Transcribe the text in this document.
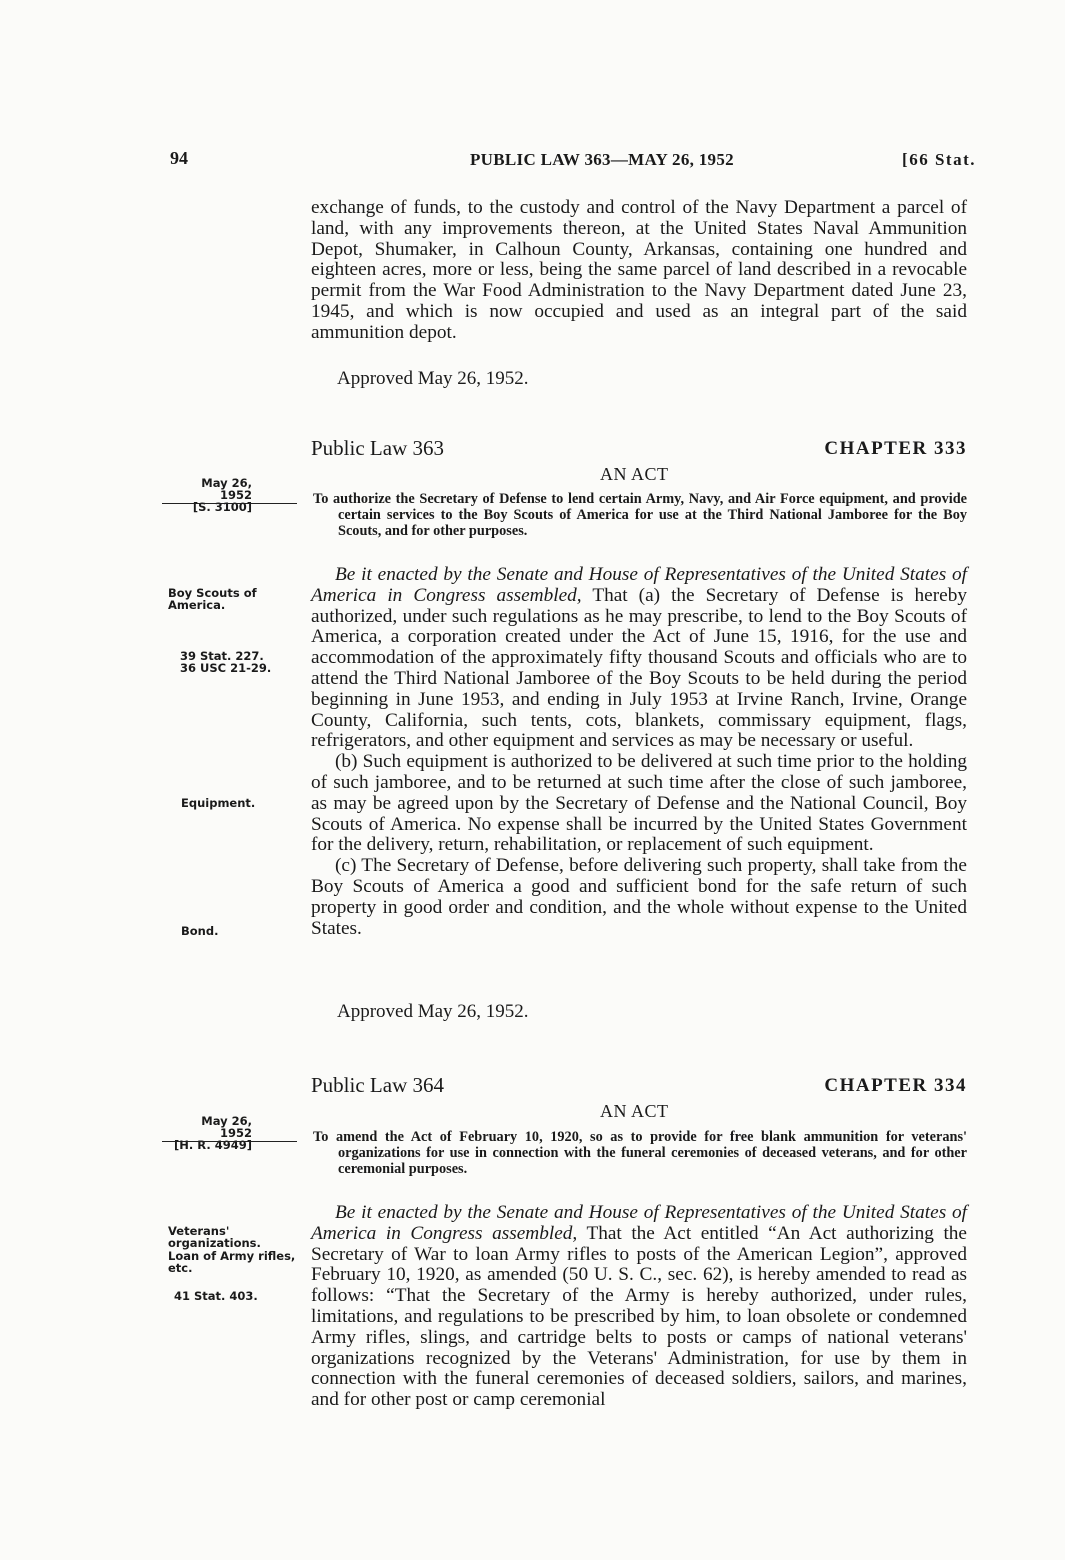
94	PUBLIC LAW 363—MAY 26, 1952	[66 Stat.

exchange of funds, to the custody and control of the Navy Department a parcel of land, with any improvements thereon, at the United States Naval Ammunition Depot, Shumaker, in Calhoun County, Arkansas, containing one hundred and eighteen acres, more or less, being the same parcel of land described in a revocable permit from the War Food Administration to the Navy Department dated June 23, 1945, and which is now occupied and used as an integral part of the said ammunition depot.

Approved May 26, 1952.
Public Law 363	CHAPTER 333
AN ACT
May 26, 1952
[S. 3100]	To authorize the Secretary of Defense to lend certain Army, Navy, and Air Force equipment, and provide certain services to the Boy Scouts of America for use at the Third National Jamboree for the Boy Scouts, and for other purposes.

Be it enacted by the Senate and House of Representatives of the United States of America in Congress assembled, That (a) the Secretary of Defense is hereby authorized, under such regulations as he may prescribe, to lend to the Boy Scouts of America, a corporation created under the Act of June 15, 1916, for the use and accommodation of the approximately fifty thousand Scouts and officials who are to attend the Third National Jamboree of the Boy Scouts to be held during the period beginning in June 1953, and ending in July 1953 at Irvine Ranch, Irvine, Orange County, California, such tents, cots, blankets, commissary equipment, flags, refrigerators, and other equipment and services as may be necessary or useful.

(b) Such equipment is authorized to be delivered at such time prior to the holding of such jamboree, and to be returned at such time after the close of such jamboree, as may be agreed upon by the Secretary of Defense and the National Council, Boy Scouts of America. No expense shall be incurred by the United States Government for the delivery, return, rehabilitation, or replacement of such equipment.

(c) The Secretary of Defense, before delivering such property, shall take from the Boy Scouts of America a good and sufficient bond for the safe return of such property in good order and condition, and the whole without expense to the United States.

Approved May 26, 1952.
Boy Scouts of America.
39 Stat. 227.
36 USC 21-29.
Equipment.
Bond.
Public Law 364	CHAPTER 334
AN ACT
May 26, 1952
[H. R. 4949]	To amend the Act of February 10, 1920, so as to provide for free blank ammunition for veterans' organizations for use in connection with the funeral ceremonies of deceased veterans, and for other ceremonial purposes.

Be it enacted by the Senate and House of Representatives of the United States of America in Congress assembled, That the Act entitled “An Act authorizing the Secretary of War to loan Army rifles to posts of the American Legion”, approved February 10, 1920, as amended (50 U. S. C., sec. 62), is hereby amended to read as follows: “That the Secretary of the Army is hereby authorized, under rules, limitations, and regulations to be prescribed by him, to loan obsolete or condemned Army rifles, slings, and cartridge belts to posts or camps of national veterans' organizations recognized by the Veterans' Administration, for use by them in connection with the funeral ceremonies of deceased soldiers, sailors, and marines, and for other post or camp ceremonial

Veterans' organizations.
Loan of Army rifles, etc.
41 Stat. 403.
